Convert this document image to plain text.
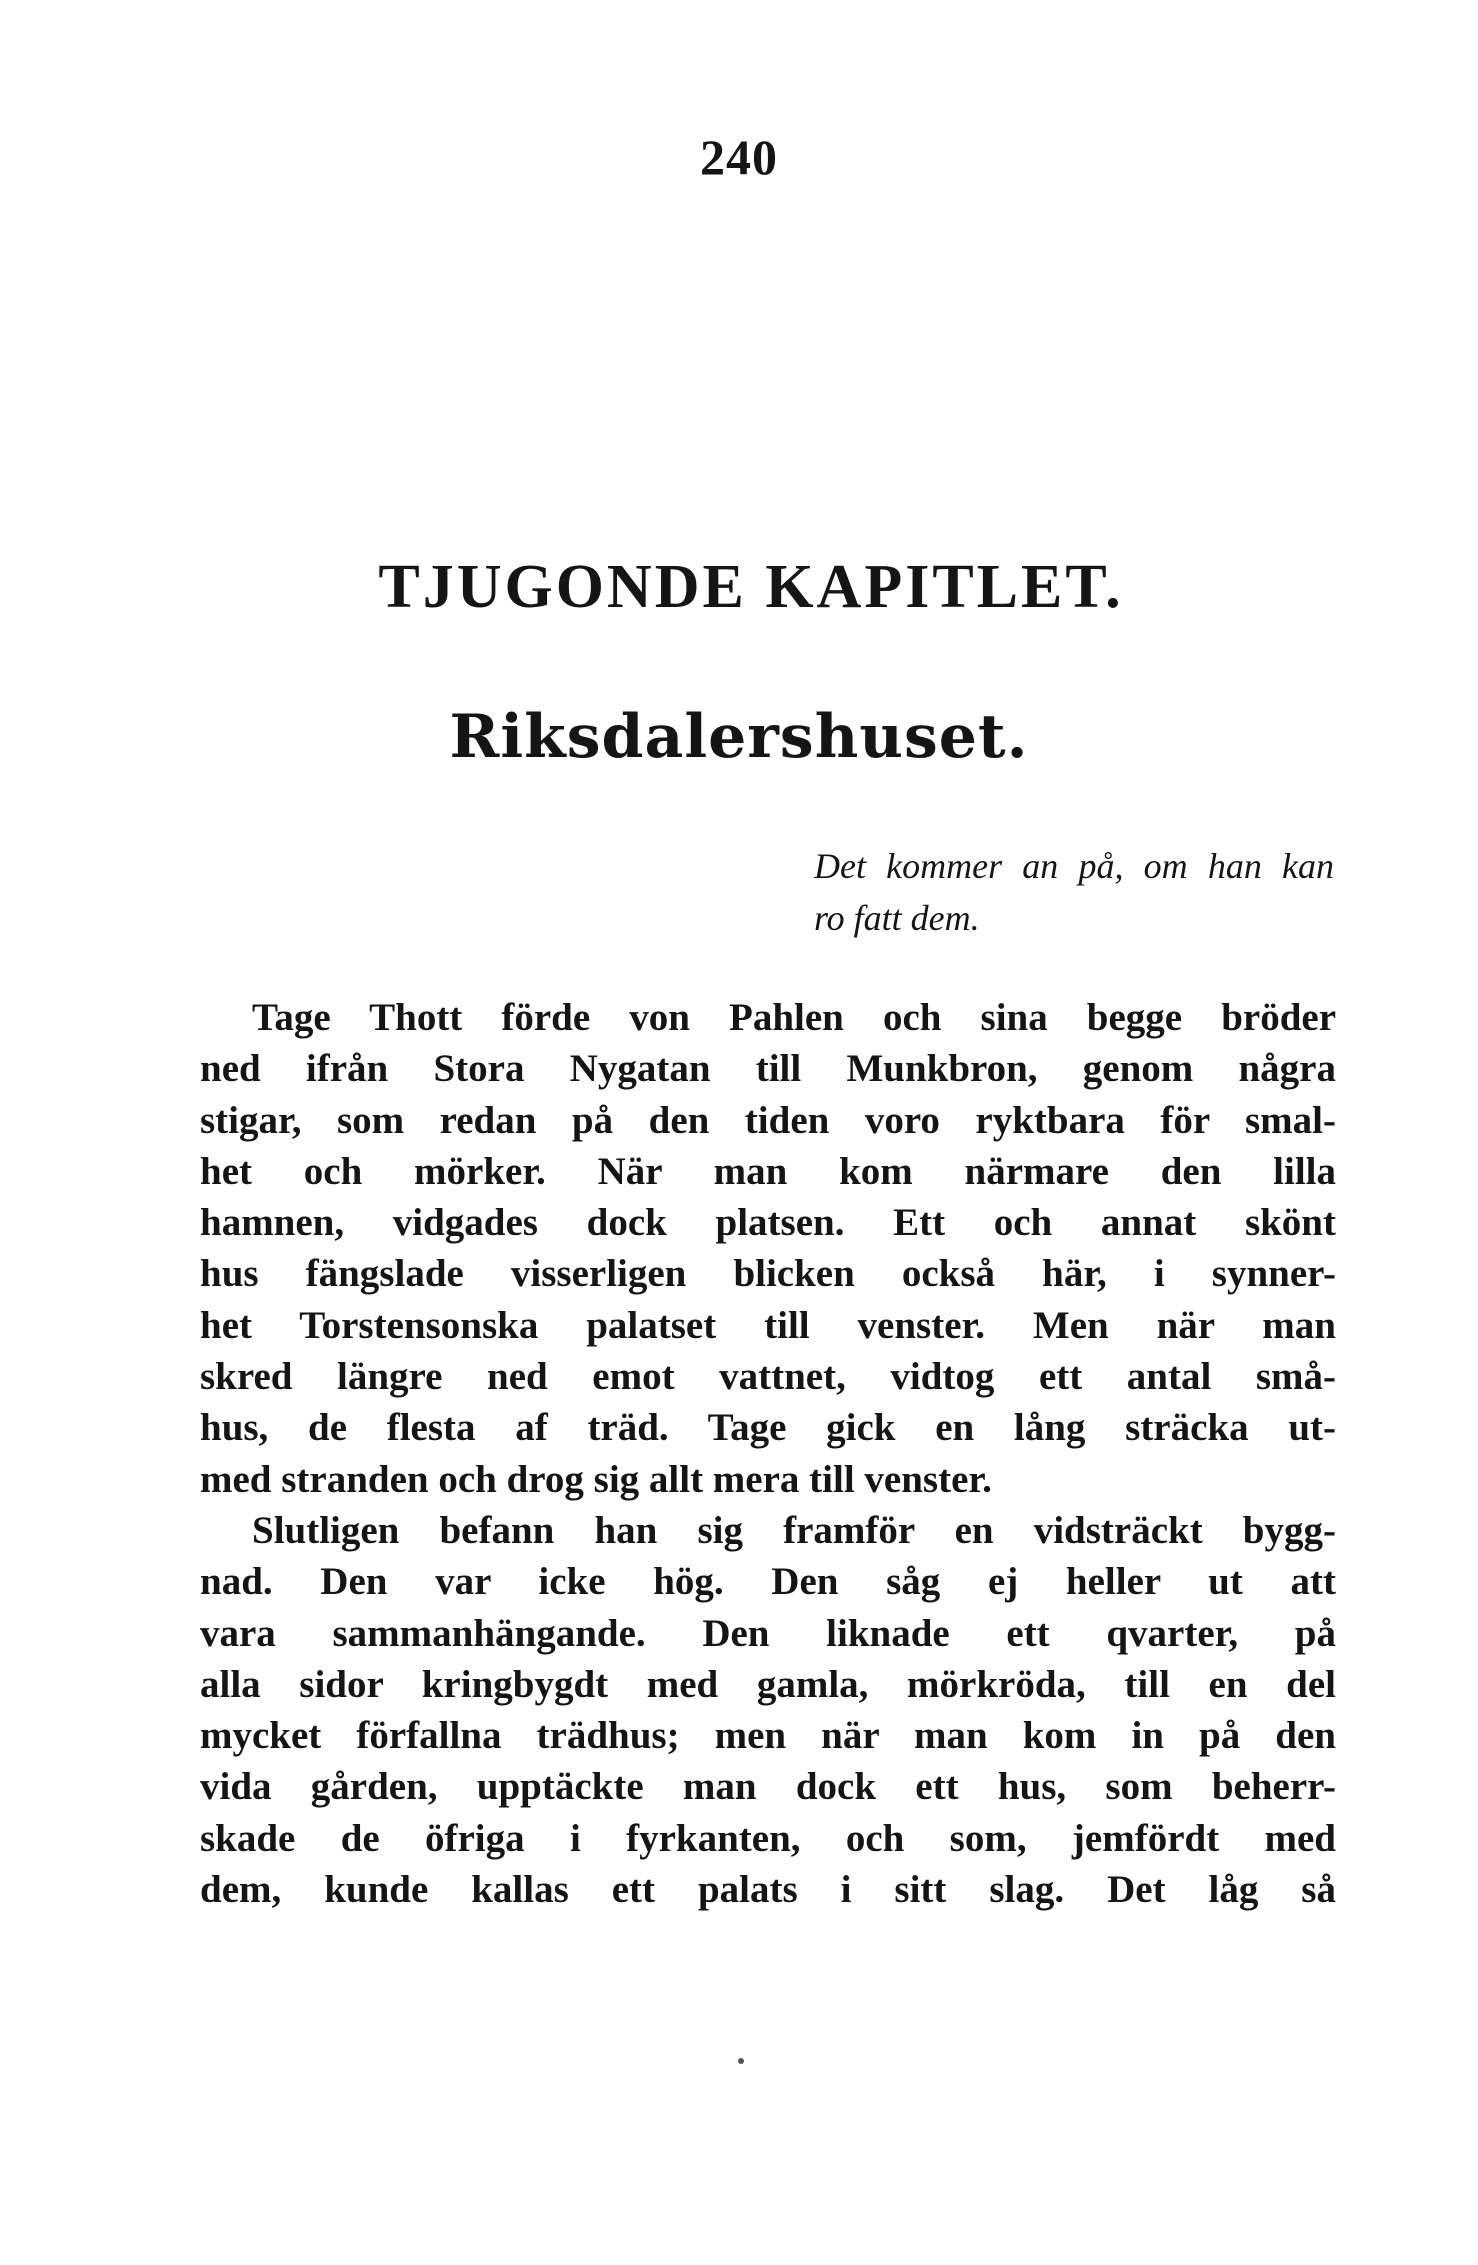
240
TJUGONDE KAPITLET.
Riksdalershuset.
Det kommer an på, om han kan
ro fatt dem.
Tage Thott förde von Pahlen och sina begge bröder
ned ifrån Stora Nygatan till Munkbron, genom några
stigar, som redan på den tiden voro ryktbara för smal-
het och mörker. När man kom närmare den lilla
hamnen, vidgades dock platsen. Ett och annat skönt
hus fängslade visserligen blicken också här, i synner-
het Torstensonska palatset till venster. Men när man
skred längre ned emot vattnet, vidtog ett antal små-
hus, de flesta af träd. Tage gick en lång sträcka ut-
med stranden och drog sig allt mera till venster.
Slutligen befann han sig framför en vidsträckt bygg-
nad. Den var icke hög. Den såg ej heller ut att
vara sammanhängande. Den liknade ett qvarter, på
alla sidor kringbygdt med gamla, mörkröda, till en del
mycket förfallna trädhus; men när man kom in på den
vida gården, upptäckte man dock ett hus, som beherr-
skade de öfriga i fyrkanten, och som, jemfördt med
dem, kunde kallas ett palats i sitt slag. Det låg så
